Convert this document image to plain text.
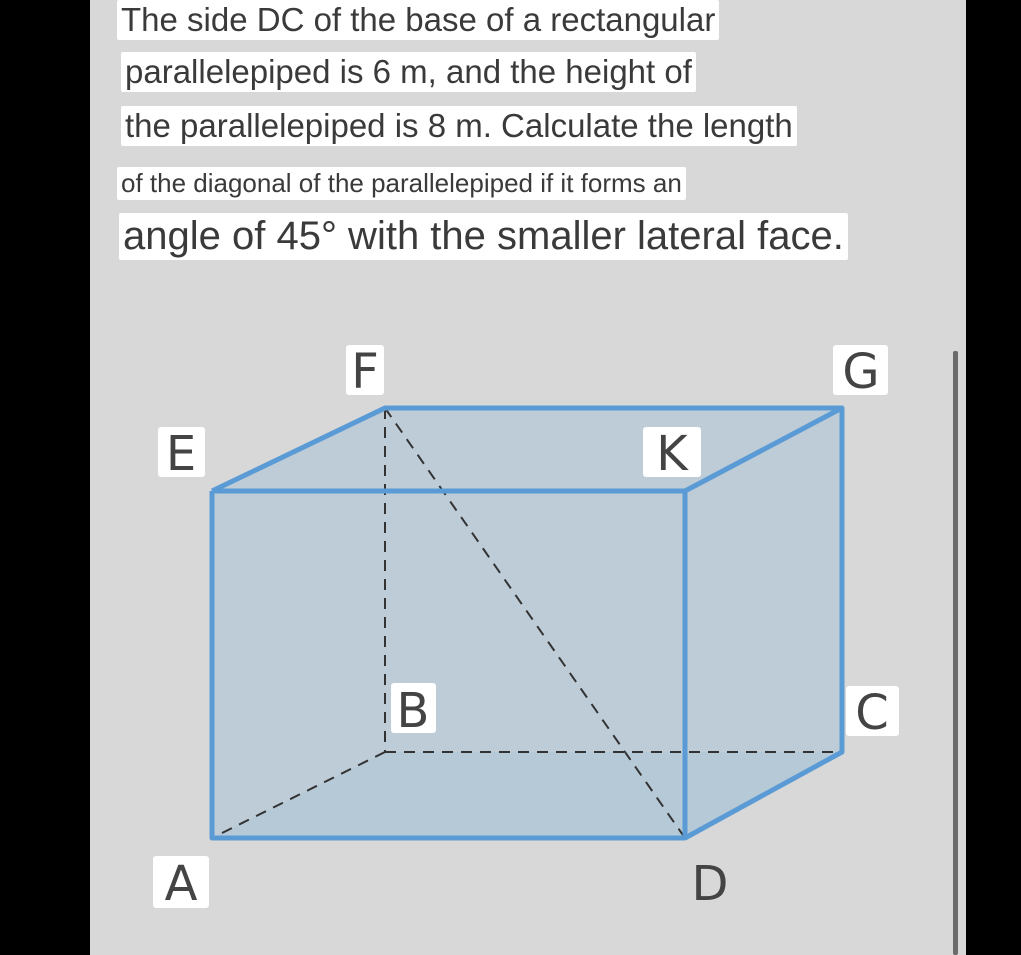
The side DC of the base of a rectangular
parallelepiped is 6 m, and the height of
the parallelepiped is 8 m. Calculate the length
of the diagonal of the parallelepiped if it forms an
angle of 45° with the smaller lateral face.
F	G
E	K
B	C
A	D
